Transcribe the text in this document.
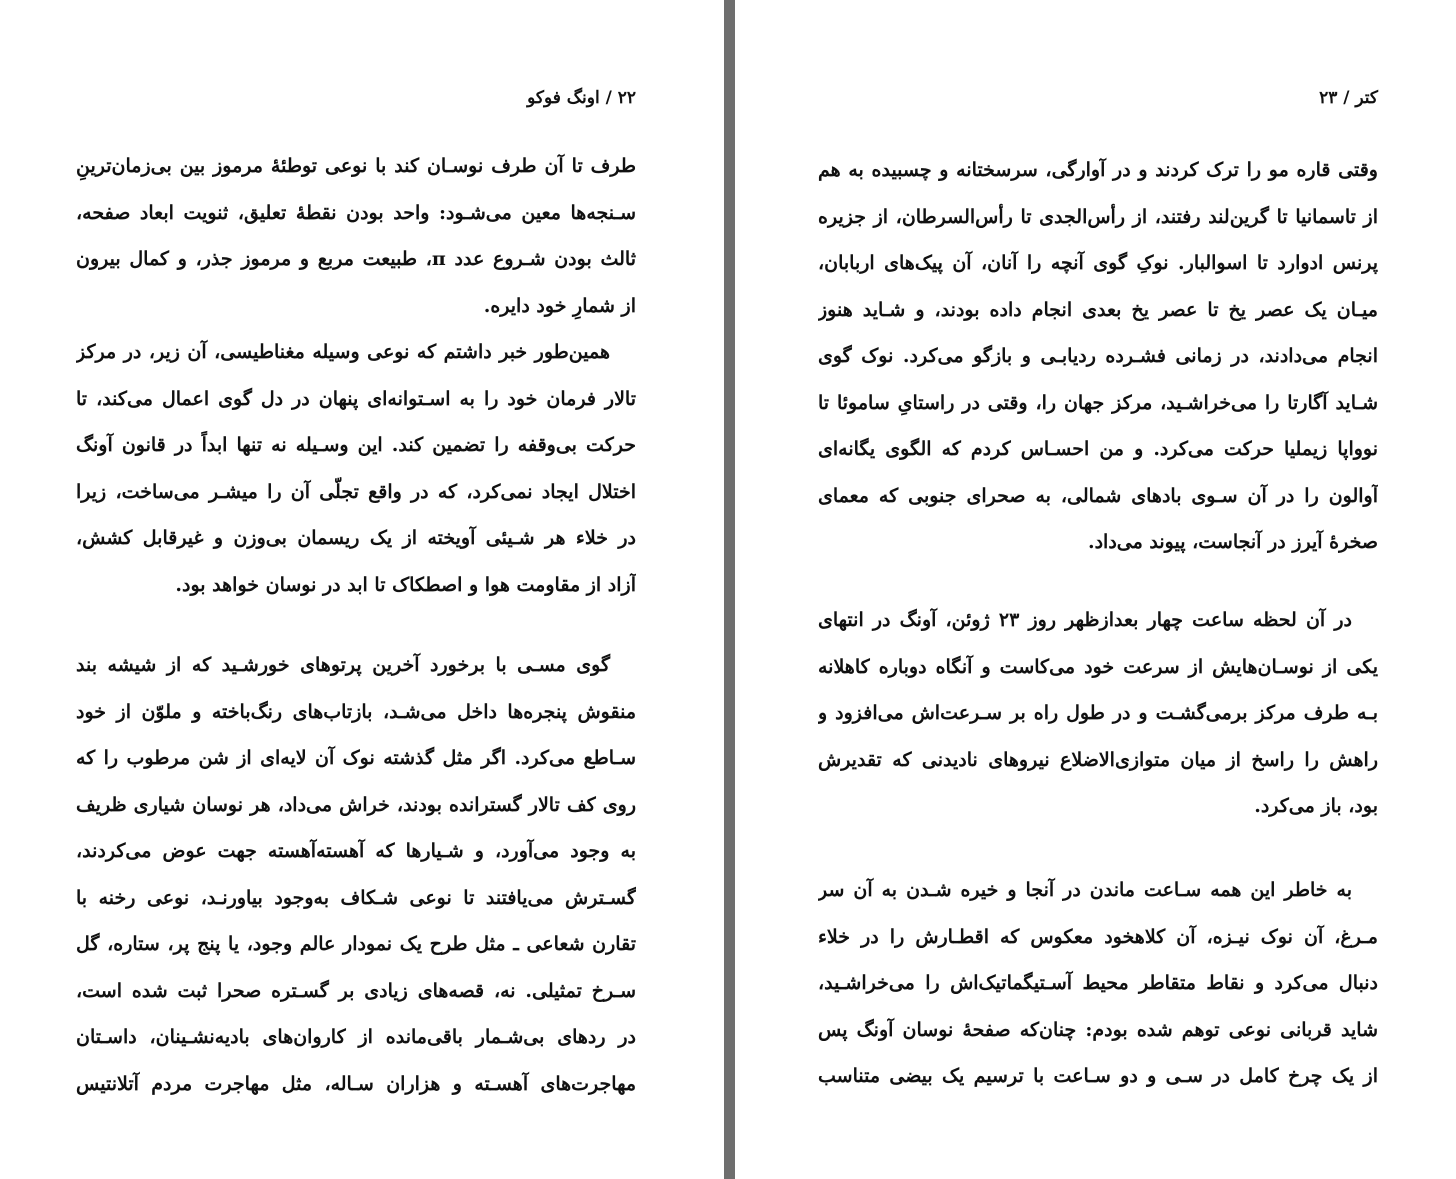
۲۲ / اونگ فوکو
طرف تا آن طرف نوسـان کند با نوعی توطئهٔ مرموز بین بی‌زمان‌ترینِ
سـنجه‌ها معین می‌شـود: واحد بودن نقطهٔ تعلیق، ثنویت ابعاد صفحه،
ثالث بودن شـروع عدد π، طبیعت مربع و مرموز جذر، و کمال بیرون
از شمارِ خود دایره.
همین‌طور خبر داشتم که نوعی وسیله مغناطیسی، آن زیر، در مرکز
تالار فرمان خود را به اسـتوانه‌ای پنهان در دل گوی اعمال می‌کند، تا
حرکت بی‌وقفه را تضمین کند. این وسـیله نه تنها ابداً در قانون آونگ
اختلال ایجاد نمی‌کرد، که در واقع تجلّی آن را میشـر می‌ساخت، زیرا
در خلاء هر شـیئی آویخته از یک ریسمان بی‌وزن و غیرقابل کشش،
آزاد از مقاومت هوا و اصطکاک تا ابد در نوسان خواهد بود.
گوی مسـی با برخورد آخرین پرتوهای خورشـید که از شیشه بند
منقوش پنجره‌ها داخل می‌شـد، بازتاب‌های رنگ‌باخته و ملوّن از خود
سـاطع می‌کرد. اگر مثل گذشته نوک آن لایه‌ای از شن مرطوب را که
روی کف تالار گسترانده بودند، خراش می‌داد، هر نوسان شیاری ظریف
به وجود می‌آورد، و شـیارها که آهسته‌آهسته جهت عوض می‌کردند،
گسـترش می‌یافتند تا نوعی شـکاف به‌وجود بیاورنـد، نوعی رخنه با
تقارن شعاعی ـ مثل طرح یک نمودار عالم وجود، یا پنج پر، ستاره، گل
سـرخ تمثیلی. نه، قصه‌های زیادی بر گسـتره صحرا ثبت شده است،
در ردهای بی‌شـمار باقی‌مانده از کاروان‌های بادیه‌نشـینان، داسـتان
مهاجرت‌های آهسـته و هزاران سـاله، مثل مهاجرت مردم آتلانتیس
کتر / ۲۳
وقتی قاره مو را ترک کردند و در آوارگی، سرسختانه و چسبیده به هم
از تاسمانیا تا گرین‌لند رفتند، از رأس‌الجدی تا رأس‌السرطان، از جزیره
پرنس ادوارد تا اسوالبار. نوکِ گوی آنچه را آنان، آن پیک‌های اربابان،
میـان یک عصر یخ تا عصر یخ بعدی انجام داده بودند، و شـاید هنوز
انجام می‌دادند، در زمانی فشـرده ردیابـی و بازگو می‌کرد. نوک گوی
شـاید آگارتا را می‌خراشـید، مرکز جهان را، وقتی در راستایِ ساموئا تا
نوواپا زیملیا حرکت می‌کرد. و من احسـاس کردم که الگوی یگانه‌ای
آوالون را در آن سـوی بادهای شمالی، به صحرای جنوبی که معمای
صخرهٔ آیرز در آنجاست، پیوند می‌داد.
در آن لحظه ساعت چهار بعدازظهر روز ۲۳ ژوئن، آونگ در انتهای
یکی از نوسـان‌هایش از سرعت خود می‌کاست و آنگاه دوباره کاهلانه
بـه طرف مرکز برمی‌گشـت و در طول راه بر سـرعت‌اش می‌افزود و
راهش را راسخ از میان متوازی‌الاضلاع نیروهای نادیدنی که تقدیرش
بود، باز می‌کرد.
به خاطر این همه سـاعت ماندن در آنجا و خیره شـدن به آن سر
مـرغ، آن نوک نیـزه، آن کلاهخود معکوس که اقطـارش را در خلاء
دنبال می‌کرد و نقاط متقاطر محیط آسـتیگماتیک‌اش را می‌خراشـید،
شاید قربانی نوعی توهم شده بودم: چنان‌که صفحهٔ نوسان آونگ پس
از یک چرخ کامل در سـی و دو سـاعت با ترسیم یک بیضی متناسب
